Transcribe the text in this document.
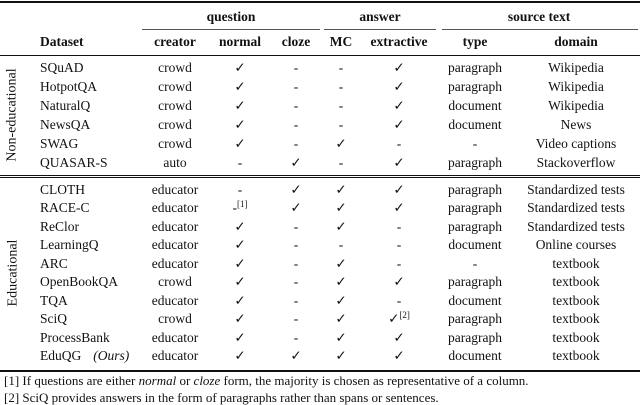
		question			answer		source text	
	Dataset	creator	normal	cloze	MC	extractive	type	domain
	SQuAD	crowd	✓	-	-	✓	paragraph	Wikipedia
	HotpotQA	crowd	✓	-	-	✓	paragraph	Wikipedia
	NaturalQ	crowd	✓	-	-	✓	document	Wikipedia
	NewsQA	crowd	✓	-	-	✓	document	News
	SWAG	crowd	✓	-	✓	-	-	Video captions
	QUASAR-S	auto	-	✓	-	✓	paragraph	Stackoverflow
Non-educational
	CLOTH	educator	-	✓	✓	✓	paragraph	Standardized tests
	RACE-C	educator	-[1]	✓	✓	✓	paragraph	Standardized tests
	ReClor	educator	✓	-	✓	-	paragraph	Standardized tests
	LearningQ	educator	✓	-	-	-	document	Online courses
	ARC	educator	✓	-	✓	-	-	textbook
	OpenBookQA	crowd	✓	-	✓	✓	paragraph	textbook
	TQA	educator	✓	-	✓	-	document	textbook
	SciQ	crowd	✓	-	✓	✓[2]	paragraph	textbook
	ProcessBank	educator	✓	-	✓	✓	paragraph	textbook
	EduQG (Ours)	educator	✓	✓	✓	✓	document	textbook
Educational
[1] If questions are either normal or cloze form, the majority is chosen as representative of a column.
[2] SciQ provides answers in the form of paragraphs rather than spans or sentences.
